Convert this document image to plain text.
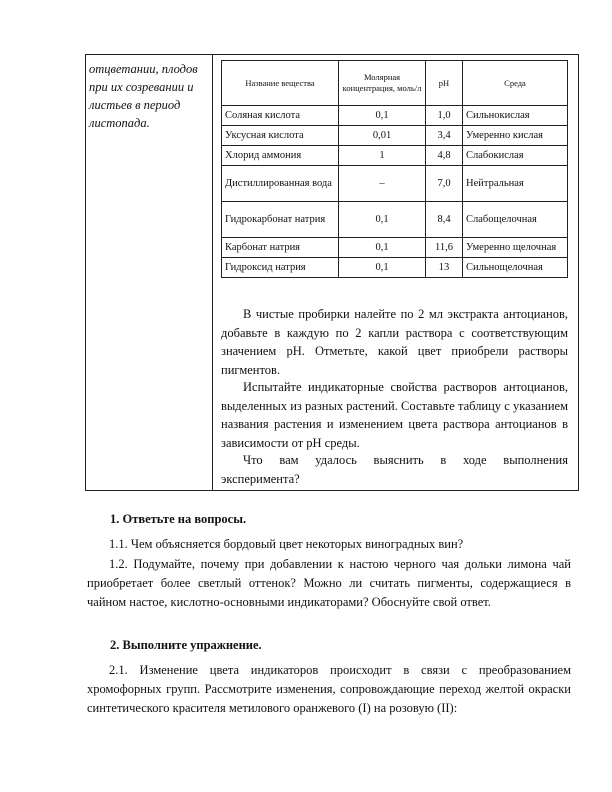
отцветании, плодов при их созревании и листьев в период листопада.
Название вещества	Молярная концентрация, моль/л	pH	Среда
Соляная кислота	0,1	1,0	Сильнокислая
Уксусная кислота	0,01	3,4	Умеренно кислая
Хлорид аммония	1	4,8	Слабокислая
Дистиллированная вода	–	7,0	Нейтральная
Гидрокарбонат натрия	0,1	8,4	Слабощелочная
Карбонат натрия	0,1	11,6	Умеренно щелочная
Гидроксид натрия	0,1	13	Сильнощелочная

В чистые пробирки налейте по 2 мл экстракта антоцианов, добавьте в каждую по 2 капли раствора с соответствующим значением pH. Отметьте, какой цвет приобрели растворы пигментов.

Испытайте индикаторные свойства растворов антоцианов, выделенных из разных растений. Составьте таблицу с указанием названия растения и изменением цвета раствора антоцианов в зависимости от pH среды.

Что вам удалось выяснить в ходе выполнения эксперимента?

1. Ответьте на вопросы.

1.1. Чем объясняется бордовый цвет некоторых виноградных вин?

1.2. Подумайте, почему при добавлении к настою черного чая дольки лимона чай приобретает более светлый оттенок? Можно ли считать пигменты, содержащиеся в чайном настое, кислотно-основными индикаторами? Обоснуйте свой ответ.

2. Выполните упражнение.

2.1. Изменение цвета индикаторов происходит в связи с преобразованием хромофорных групп. Рассмотрите изменения, сопровождающие переход желтой окраски синтетического красителя метилового оранжевого (I) на розовую (II):
